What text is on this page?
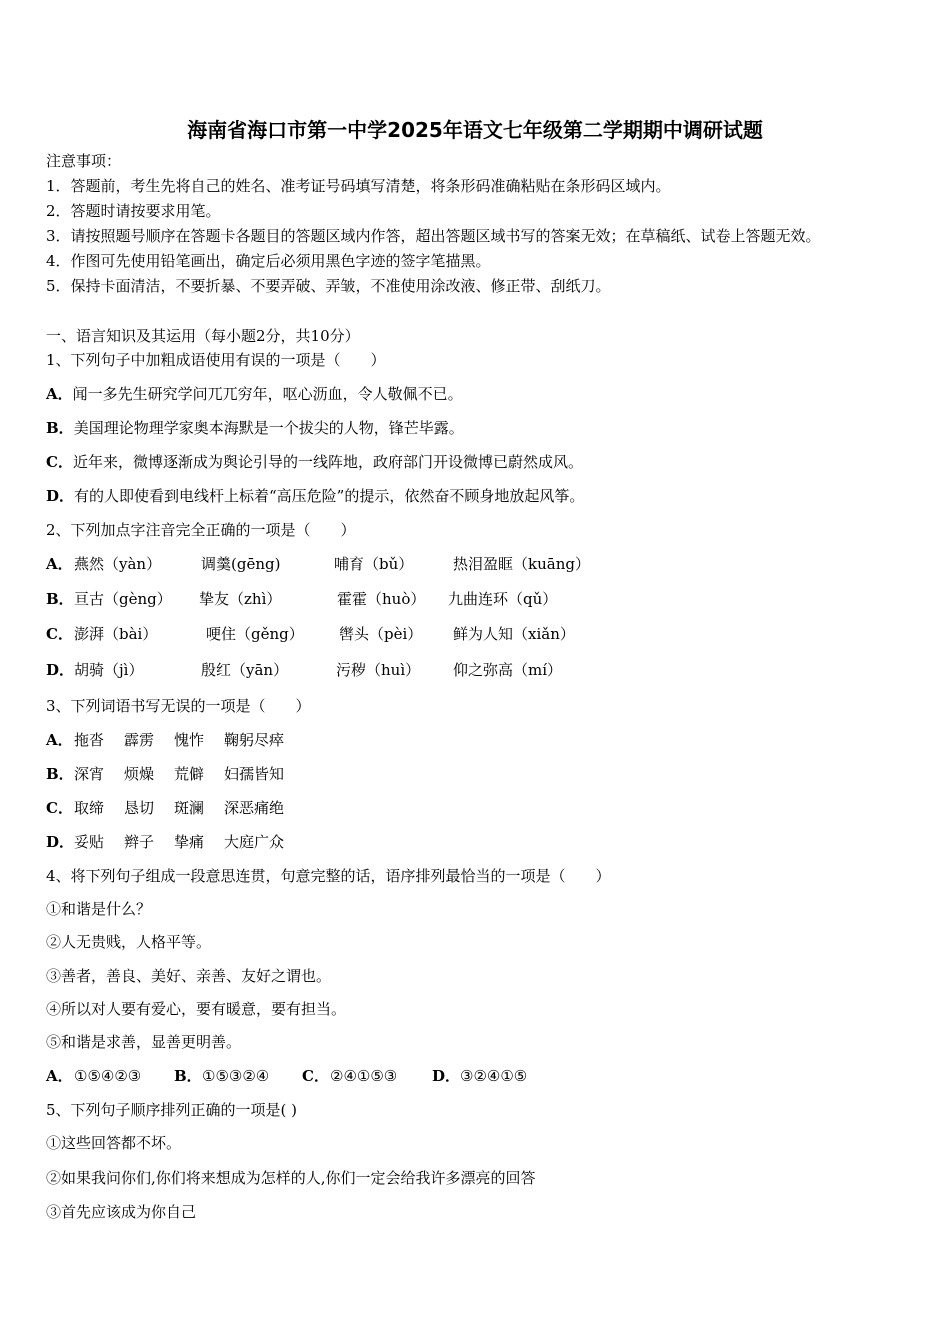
海南省海口市第一中学2025年语文七年级第二学期期中调研试题
注意事项：
1．答题前，考生先将自己的姓名、准考证号码填写清楚，将条形码准确粘贴在条形码区域内。
2．答题时请按要求用笔。
3．请按照题号顺序在答题卡各题目的答题区域内作答，超出答题区域书写的答案无效；在草稿纸、试卷上答题无效。
4．作图可先使用铅笔画出，确定后必须用黑色字迹的签字笔描黑。
5．保持卡面清洁，不要折暴、不要弄破、弄皱，不准使用涂改液、修正带、刮纸刀。
一、语言知识及其运用（每小题2分，共10分）
1、下列句子中加粗成语使用有误的一项是（　　）
A．闻一多先生研究学问兀兀穷年，呕心沥血，令人敬佩不已。
B．美国理论物理学家奥本海默是一个拔尖的人物，锋芒毕露。
C．近年来，微博逐渐成为舆论引导的一线阵地，政府部门开设微博已蔚然成风。
D．有的人即使看到电线杆上标着“高压危险”的提示，依然奋不顾身地放起风筝。
2、下列加点字注音完全正确的一项是（　　）
A． 燕然（yàn）	调羹(gēng)	哺育（bǔ）	热泪盈眶（kuāng）
B． 亘古（gèng） 挚友（zhì）	霍霍（huò） 九曲连环（qǔ）
C． 澎湃（bài）	哽住（gěng） 辔头（pèi） 鲜为人知（xiǎn）
D． 胡骑（jì）	殷红（yān）	污秽（huì） 仰之弥高（mí）
3、下列词语书写无误的一项是（　　）
A． 拖沓 霹雳 愧怍 鞠躬尽瘁
B． 深宵 烦燥 荒僻 妇孺皆知
C． 取缔 恳切 斑澜 深恶痛绝
D． 妥贴 辫子 挚痛 大庭广众
4、将下列句子组成一段意思连贯，句意完整的话，语序排列最恰当的一项是（　　）
①和谐是什么？
②人无贵贱，人格平等。
③善者，善良、美好、亲善、友好之谓也。
④所以对人要有爱心，要有暖意，要有担当。
⑤和谐是求善，显善更明善。
A． ①⑤④②③ B． ①⑤③②④ C． ②④①⑤③ D． ③②④①⑤
5、下列句子顺序排列正确的一项是( )
①这些回答都不坏。
②如果我问你们,你们将来想成为怎样的人,你们一定会给我许多漂亮的回答
③首先应该成为你自己
